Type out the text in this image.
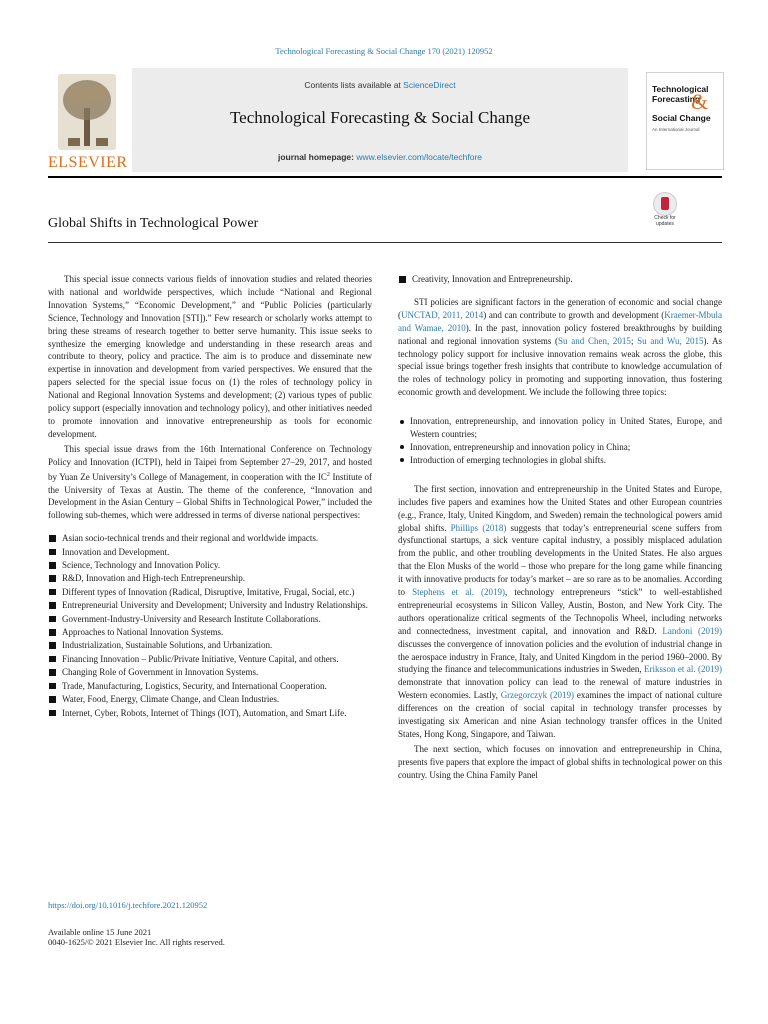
Technological Forecasting & Social Change 170 (2021) 120952
ELSEVIER
Contents lists available at ScienceDirect
Technological Forecasting & Social Change
journal homepage: www.elsevier.com/locate/techfore
Technological
Forecasting

Social Change
&
An International Journal
Global Shifts in Technological Power	Check for
updates

This special issue connects various fields of innovation studies and related theories with national and worldwide perspectives, which include “National and Regional Innovation Systems,” “Economic Development,” and “Public Policies (particularly Science, Technology and Innovation [STI]).” Few research or scholarly works attempt to bring these streams of research together to better serve humanity. This issue seeks to synthesize the emerging knowledge and understanding in these research areas and contribute to theory, policy and practice. The aim is to produce and disseminate new expertise in innovation and development from varied perspectives. We ensured that the papers selected for the special issue focus on (1) the roles of technology policy in National and Regional Innovation Systems and development; (2) various types of public policy support (especially innovation and technology policy), and other initiatives needed to promote innovation and innovative entrepreneurship as tools for economic development.

This special issue draws from the 16th International Conference on Technology Policy and Innovation (ICTPI), held in Taipei from September 27–29, 2017, and hosted by Yuan Ze University’s College of Management, in cooperation with the $IC^2$ Institute of the University of Texas at Austin. The theme of the conference, “Innovation and Development in the Asian Century – Global Shifts in Technological Power,” included the following sub-themes, which were addressed in terms of diverse national perspectives:

Asian socio-technical trends and their regional and worldwide impacts.
Innovation and Development.
Science, Technology and Innovation Policy.
R&D, Innovation and High-tech Entrepreneurship.
Different types of Innovation (Radical, Disruptive, Imitative, Frugal, Social, etc.)
Entrepreneurial University and Development; University and Industry Relationships.
Government-Industry-University and Research Institute Collaborations.
Approaches to National Innovation Systems.
Industrialization, Sustainable Solutions, and Urbanization.
Financing Innovation – Public/Private Initiative, Venture Capital, and others.
Changing Role of Government in Innovation Systems.
Trade, Manufacturing, Logistics, Security, and International Cooperation.
Water, Food, Energy, Climate Change, and Clean Industries.
Internet, Cyber, Robots, Internet of Things (IOT), Automation, and Smart Life.
Creativity, Innovation and Entrepreneurship.

STI policies are significant factors in the generation of economic and social change (UNCTAD, 2011, 2014) and can contribute to growth and development (Kraemer-Mbula and Wamae, 2010). In the past, innovation policy fostered breakthroughs by building national and regional innovation systems (Su and Chen, 2015; Su and Wu, 2015). As technology policy support for inclusive innovation remains weak across the globe, this special issue brings together fresh insights that contribute to knowledge accumulation of the roles of technology policy in promoting and supporting innovation, thus fostering economic growth and development. We include the following three topics:

Innovation, entrepreneurship, and innovation policy in United States, Europe, and Western countries;
Innovation, entrepreneurship and innovation policy in China;
Introduction of emerging technologies in global shifts.

The first section, innovation and entrepreneurship in the United States and Europe, includes five papers and examines how the United States and other European countries (e.g., France, Italy, United Kingdom, and Sweden) remain the technological powers amid global shifts. Phillips (2018) suggests that today’s entrepreneurial scene suffers from dysfunctional startups, a sick venture capital industry, a possibly misplaced adulation from the public, and other troubling developments in the United States. He also argues that the Elon Musks of the world – those who prepare for the long game while financing it with innovative products for today’s market – are so rare as to be anomalies. According to Stephens et al. (2019), technology entrepreneurs “stick” to well-established entrepreneurial ecosystems in Silicon Valley, Austin, Boston, and New York City. The authors operationalize critical segments of the Technopolis Wheel, including networks and connectedness, investment capital, and innovation and R&D. Landoni (2019) discusses the convergence of innovation policies and the evolution of industrial change in the aerospace industry in France, Italy, and United Kingdom in the period 1960–2000. By studying the finance and telecommunications industries in Sweden, Eriksson et al. (2019) demonstrate that innovation policy can lead to the renewal of mature industries in Western economies. Lastly, Grzegorczyk (2019) examines the impact of national culture differences on the creation of social capital in technology transfer processes by investigating six American and nine Asian technology transfer offices in the United States, Hong Kong, Singapore, and Taiwan.

The next section, which focuses on innovation and entrepreneurship in China, presents five papers that explore the impact of global shifts in technological power on this country. Using the China Family Panel

https://doi.org/10.1016/j.techfore.2021.120952
Available online 15 June 2021
0040-1625/© 2021 Elsevier Inc. All rights reserved.
